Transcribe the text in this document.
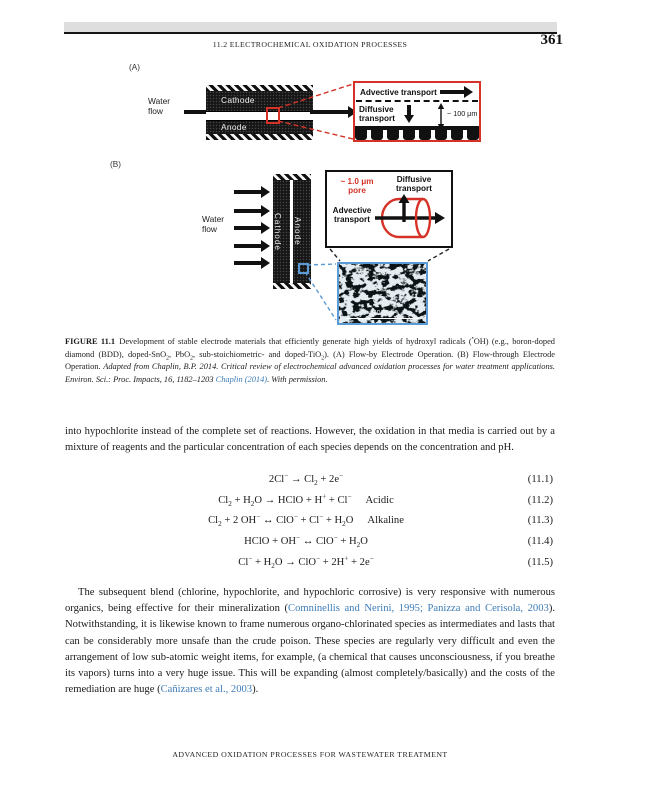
11.2 ELECTROCHEMICAL OXIDATION PROCESSES	361
(A)
Water flow
Cathode
Anode
Advective transport
Diffusive
transport
~ 100 μm
(B)
Water flow	Cathode Anode
~ 1.0 μm
pore
Diffusive
transport
Advective
transport
40 μm
FIGURE 11.1 Development of stable electrode materials that efficiently generate high yields of hydroxyl radicals (•OH) (e.g., boron-doped diamond (BDD), doped-SnO$_2$, PbO$_2$, sub-stoichiometric- and doped-TiO$_2$). (A) Flow-by Electrode Operation. (B) Flow-through Electrode Operation. Adapted from Chaplin, B.P. 2014. Critical review of electrochemical advanced oxidation processes for water treatment applications. Environ. Sci.: Proc. Impacts, 16, 1182–1203 Chaplin (2014). With permission.
into hypochlorite instead of the complete set of reactions. However, the oxidation in that media is carried out by a mixture of reagents and the particular concentration of each species depends on the concentration and pH.
$2Cl^- \to Cl_2 + 2e^-$	(11.1)
$Cl_2 + H_2O$ → HClO + H+ + Cl− Acidic	(11.2)
$Cl_2 + 2$ OH− ↔ $ClO^- + Cl^- + H_2O$ Alkaline	(11.3)
HClO + OH− ↔ $ClO^- + H_2O$	(11.4)
$Cl^- + H_2O \to ClO^- + 2H^+ + 2e^-$	(11.5)
The subsequent blend (chlorine, hypochlorite, and hypochloric corrosive) is very responsive with numerous organics, being effective for their mineralization (Comninellis and Nerini, 1995; Panizza and Cerisola, 2003). Notwithstanding, it is likewise known to frame numerous organo-chlorinated species as intermediates and lasts that can be considerably more unsafe than the crude poison. These species are regularly very difficult and even the arrangement of low sub-atomic weight items, for example, (a chemical that causes unconsciousness, if you breathe its vapors) turns into a very huge issue. This will be expanding (almost completely/basically) and the costs of the remediation are huge (Cañizares et al., 2003).
ADVANCED OXIDATION PROCESSES FOR WASTEWATER TREATMENT
